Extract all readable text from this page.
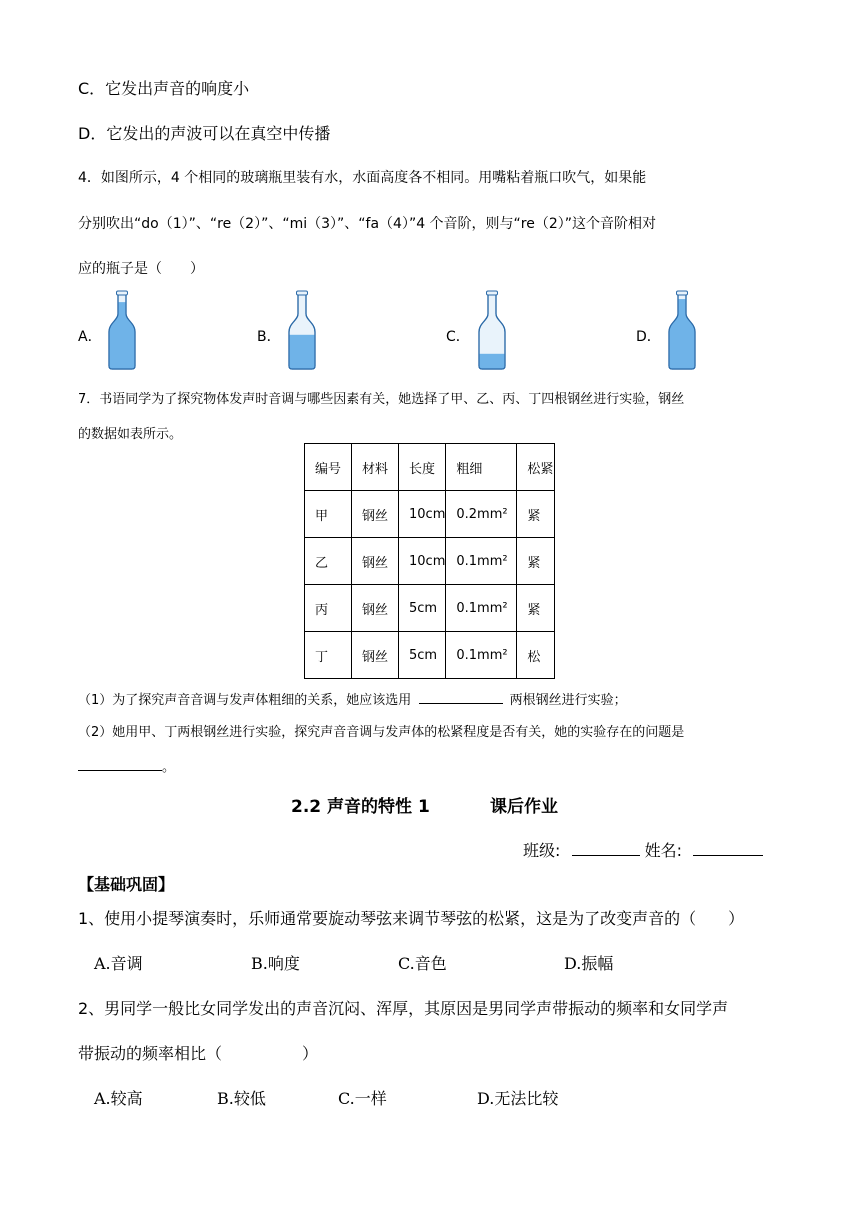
C．它发出声音的响度小
D．它发出的声波可以在真空中传播
4．如图所示，4 个相同的玻璃瓶里装有水，水面高度各不相同。用嘴粘着瓶口吹气，如果能
分别吹出“do（1）”、“re（2）”、“mi（3）”、“fa（4）”4 个音阶，则与“re（2）”这个音阶相对
应的瓶子是（　　）
A．	B．	C．	D．
7．书语同学为了探究物体发声时音调与哪些因素有关，她选择了甲、乙、丙、丁四根钢丝进行实验，钢丝
的数据如表所示。
编号	材料	长度	粗细	松紧
甲	钢丝	10cm	0.2mm²	紧
乙	钢丝	10cm	0.1mm²	紧
丙	钢丝	5cm	0.1mm²	紧
丁	钢丝	5cm	0.1mm²	松
（1）为了探究声音音调与发声体粗细的关系，她应该选用	两根钢丝进行实验；
（2）她用甲、丁两根钢丝进行实验，探究声音音调与发声体的松紧程度是否有关，她的实验存在的问题是
。
2.2 声音的特性 1	课后作业
班级:	姓名:
【基础巩固】
1、使用小提琴演奏时，乐师通常要旋动琴弦来调节琴弦的松紧，这是为了改变声音的（　　）
A.音调	B.响度	C.音色	D.振幅
2、男同学一般比女同学发出的声音沉闷、浑厚，其原因是男同学声带振动的频率和女同学声
带振动的频率相比（　　　　　）
A.较高	B.较低	C.一样	D.无法比较
